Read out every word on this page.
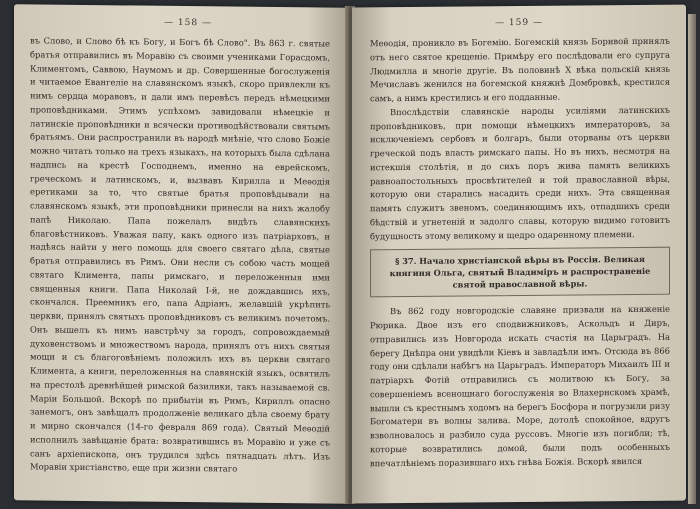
— 158 —

въ Слово, и Слово бѣ къ Богу, и Богъ бѣ Слово". Въ 863 г. святые братья отправились въ Моравію съ своими учениками Горасдомъ, Климентомъ, Саввою, Наумомъ и др. Совершенные богослуженія и читаемое Евангеліе на славянскомъ языкѣ, скоро привлекли къ нимъ сердца моравовъ, и дали имъ перевѣсъ передъ нѣмецкими проповѣдниками. Этимъ успѣхомъ завидовали нѣмецкіе и латинскіе проповѣдники и всячески противодѣйствовали святымъ братьямъ. Они распространили въ народѣ мнѣніе, что слово Божіе можно читать только на трехъ языкахъ, на которыхъ была сдѣлана надпись на крестѣ Господнемъ, именно на еврейскомъ, греческомъ и латинскомъ, и, вызвавъ Кирилла и Меѳодія еретиками за то, что святые братья проповѣдывали на славянскомъ языкѣ, эти проповѣдники принесли на нихъ жалобу папѣ Николаю. Папа пожелалъ видѣть славянскихъ благовѣстниковъ. Уважая папу, какъ одного изъ патріарховъ, и надѣясь найти у него помощь для своего святаго дѣла, святые братья отправились въ Римъ. Они несли съ собою часть мощей святаго Климента, папы римскаго, и переложенныя ими священныя книги. Папа Николай I-й, не дождавшись ихъ, скончался. Преемникъ его, папа Адріанъ, желавшій укрѣпить церкви, принялъ святыхъ проповѣдниковъ съ великимъ почетомъ. Онъ вышелъ къ нимъ навстрѣчу за городъ, сопровождаемый духовенствомъ и множествомъ народа, принялъ отъ нихъ святыя мощи и съ благоговѣніемъ положилъ ихъ въ церкви святаго Климента, а книги, переложенныя на славянскій языкъ, освятилъ на престолѣ древнѣйшей римской базилики, такъ называемой св. Маріи Большой. Вскорѣ по прибытіи въ Римъ, Кириллъ опасно занемогъ, онъ завѣщалъ продолженіе великаго дѣла своему брату и мирно скончался (14-го февраля 869 года). Святый Меѳодій исполнилъ завѣщаніе брата: возвратившись въ Моравію и уже съ санъ архіепископа, онъ трудился здѣсь пятнадцать лѣтъ. Изъ Моравіи христіанство, еще при жизни святаго

— 159 —

Меѳодія, проникло въ Богемію. Богемскій князь Боривой принялъ отъ него святое крещеніе. Примѣру его послѣдовали его супруга Людмилла и многіе другіе. Въ половинѣ X вѣка польскій князь Мечиславъ женился на богемской княжнѣ Домбровкѣ, крестился самъ, а нимъ крестились и его подданные.

Впослѣдствіи славянскіе народы усиліями латинскихъ проповѣдниковъ, при помощи нѣмецкихъ императоровъ, за исключеніемъ сербовъ и болгаръ, были оторваны отъ церкви греческой подъ власть римскаго папы. Но въ нихъ, несмотря на истекшія столѣтія, и до сихъ поръ жива память великихъ равноапостольныхъ просвѣтителей и той православной вѣры, которую они старались насадить среди нихъ. Эта священная память служитъ звеномъ, соединяющимъ ихъ, отпадшихъ среди бѣдствій и угнетеній и задолго славы, которую видимо готовитъ будущность этому великому и щедро одаренному племени.

§ 37. Начало христіанской вѣры въ Россіи. Великая княгиня Ольга, святый Владиміръ и распространеніе святой православной вѣры.

Въ 862 году новгородскіе славяне призвали на княженіе Рюрика. Двое изъ его сподвижниковъ, Аскольдъ и Диръ, отправились изъ Новгорода искать счастія на Царьградъ. На берегу Днѣпра они увидѣли Кіевъ и завладѣли имъ. Отсюда въ 866 году они сдѣлали набѣгъ на Царьградъ. Императоръ Михаилъ III и патріархъ Фотій отправились съ молитвою къ Богу, за совершеніемъ всенощнаго богослуженія во Влахернскомъ храмѣ, вышли съ крестнымъ ходомъ на берегъ Босфора и погрузили ризу Богоматери въ волны залива. Море, дотолѣ спокойное, вдругъ взволновалось и разбило суда руссовъ. Многіе изъ погибли; тѣ, которые возвратились домой, были подъ особенныхъ впечатлѣніемъ поразившаго ихъ гнѣва Божія. Вскорѣ явился
